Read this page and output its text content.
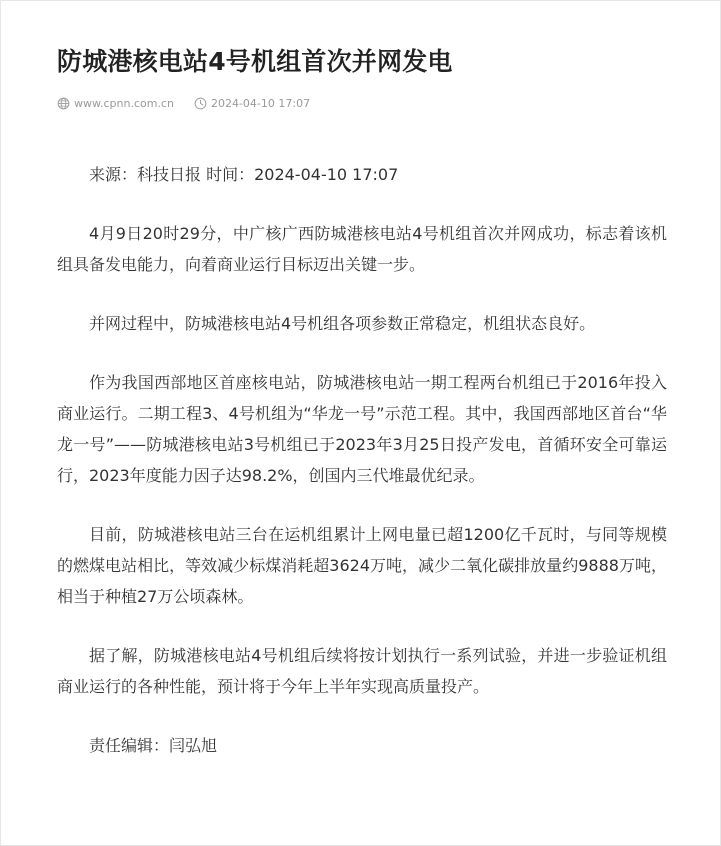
防城港核电站4号机组首次并网发电
www.cpnn.com.cn	2024-04-10 17:07

来源：科技日报 时间：2024-04-10 17:07

4月9日20时29分，中广核广西防城港核电站4号机组首次并网成功，标志着该机组具备发电能力，向着商业运行目标迈出关键一步。

并网过程中，防城港核电站4号机组各项参数正常稳定，机组状态良好。

作为我国西部地区首座核电站，防城港核电站一期工程两台机组已于2016年投入商业运行。二期工程3、4号机组为“华龙一号”示范工程。其中，我国西部地区首台“华龙一号”——防城港核电站3号机组已于2023年3月25日投产发电，首循环安全可靠运行，2023年度能力因子达98.2%，创国内三代堆最优纪录。

目前，防城港核电站三台在运机组累计上网电量已超1200亿千瓦时，与同等规模的燃煤电站相比，等效减少标煤消耗超3624万吨，减少二氧化碳排放量约9888万吨，相当于种植27万公顷森林。

据了解，防城港核电站4号机组后续将按计划执行一系列试验，并进一步验证机组商业运行的各种性能，预计将于今年上半年实现高质量投产。

责任编辑：闫弘旭
